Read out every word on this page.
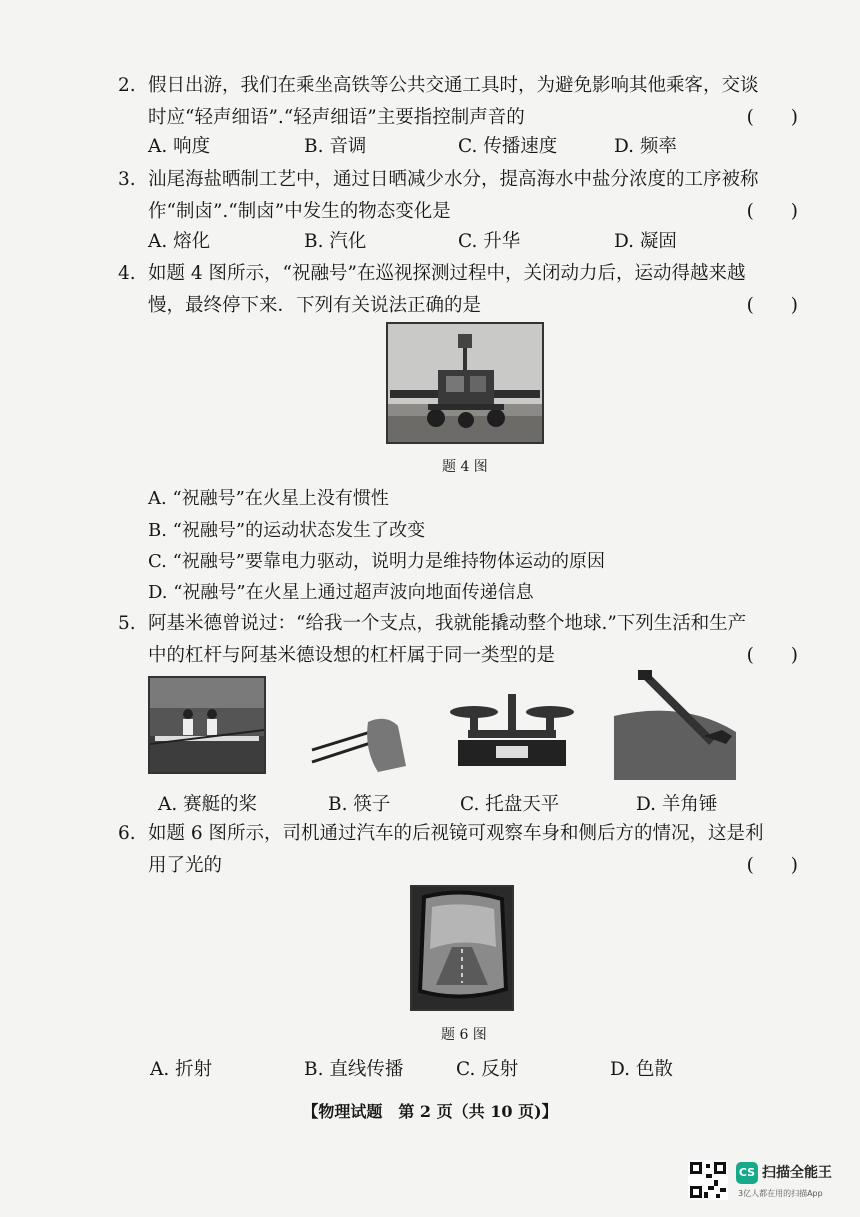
2. 假日出游，我们在乘坐高铁等公共交通工具时，为避免影响其他乘客，交谈
时应“轻声细语”.“轻声细语”主要指控制声音的	(　　)
A. 响度	B. 音调	C. 传播速度	D. 频率
3. 汕尾海盐晒制工艺中，通过日晒减少水分，提高海水中盐分浓度的工序被称
作“制卤”.“制卤”中发生的物态变化是	(　　)
A. 熔化	B. 汽化	C. 升华	D. 凝固
4. 如题 4 图所示，“祝融号”在巡视探测过程中，关闭动力后，运动得越来越
慢，最终停下来．下列有关说法正确的是	(　　)
题 4 图
A. “祝融号”在火星上没有惯性
B. “祝融号”的运动状态发生了改变
C. “祝融号”要靠电力驱动，说明力是维持物体运动的原因
D. “祝融号”在火星上通过超声波向地面传递信息
5. 阿基米德曾说过：“给我一个支点，我就能撬动整个地球.”下列生活和生产
中的杠杆与阿基米德设想的杠杆属于同一类型的是	(　　)
A. 赛艇的桨	B. 筷子	C. 托盘天平	D. 羊角锤
6. 如题 6 图所示，司机通过汽车的后视镜可观察车身和侧后方的情况，这是利
用了光的	(　　)
题 6 图
A. 折射	B. 直线传播	C. 反射	D. 色散
【物理试题　第 2 页（共 10 页)】
CS 扫描全能王
3亿人都在用的扫描App
